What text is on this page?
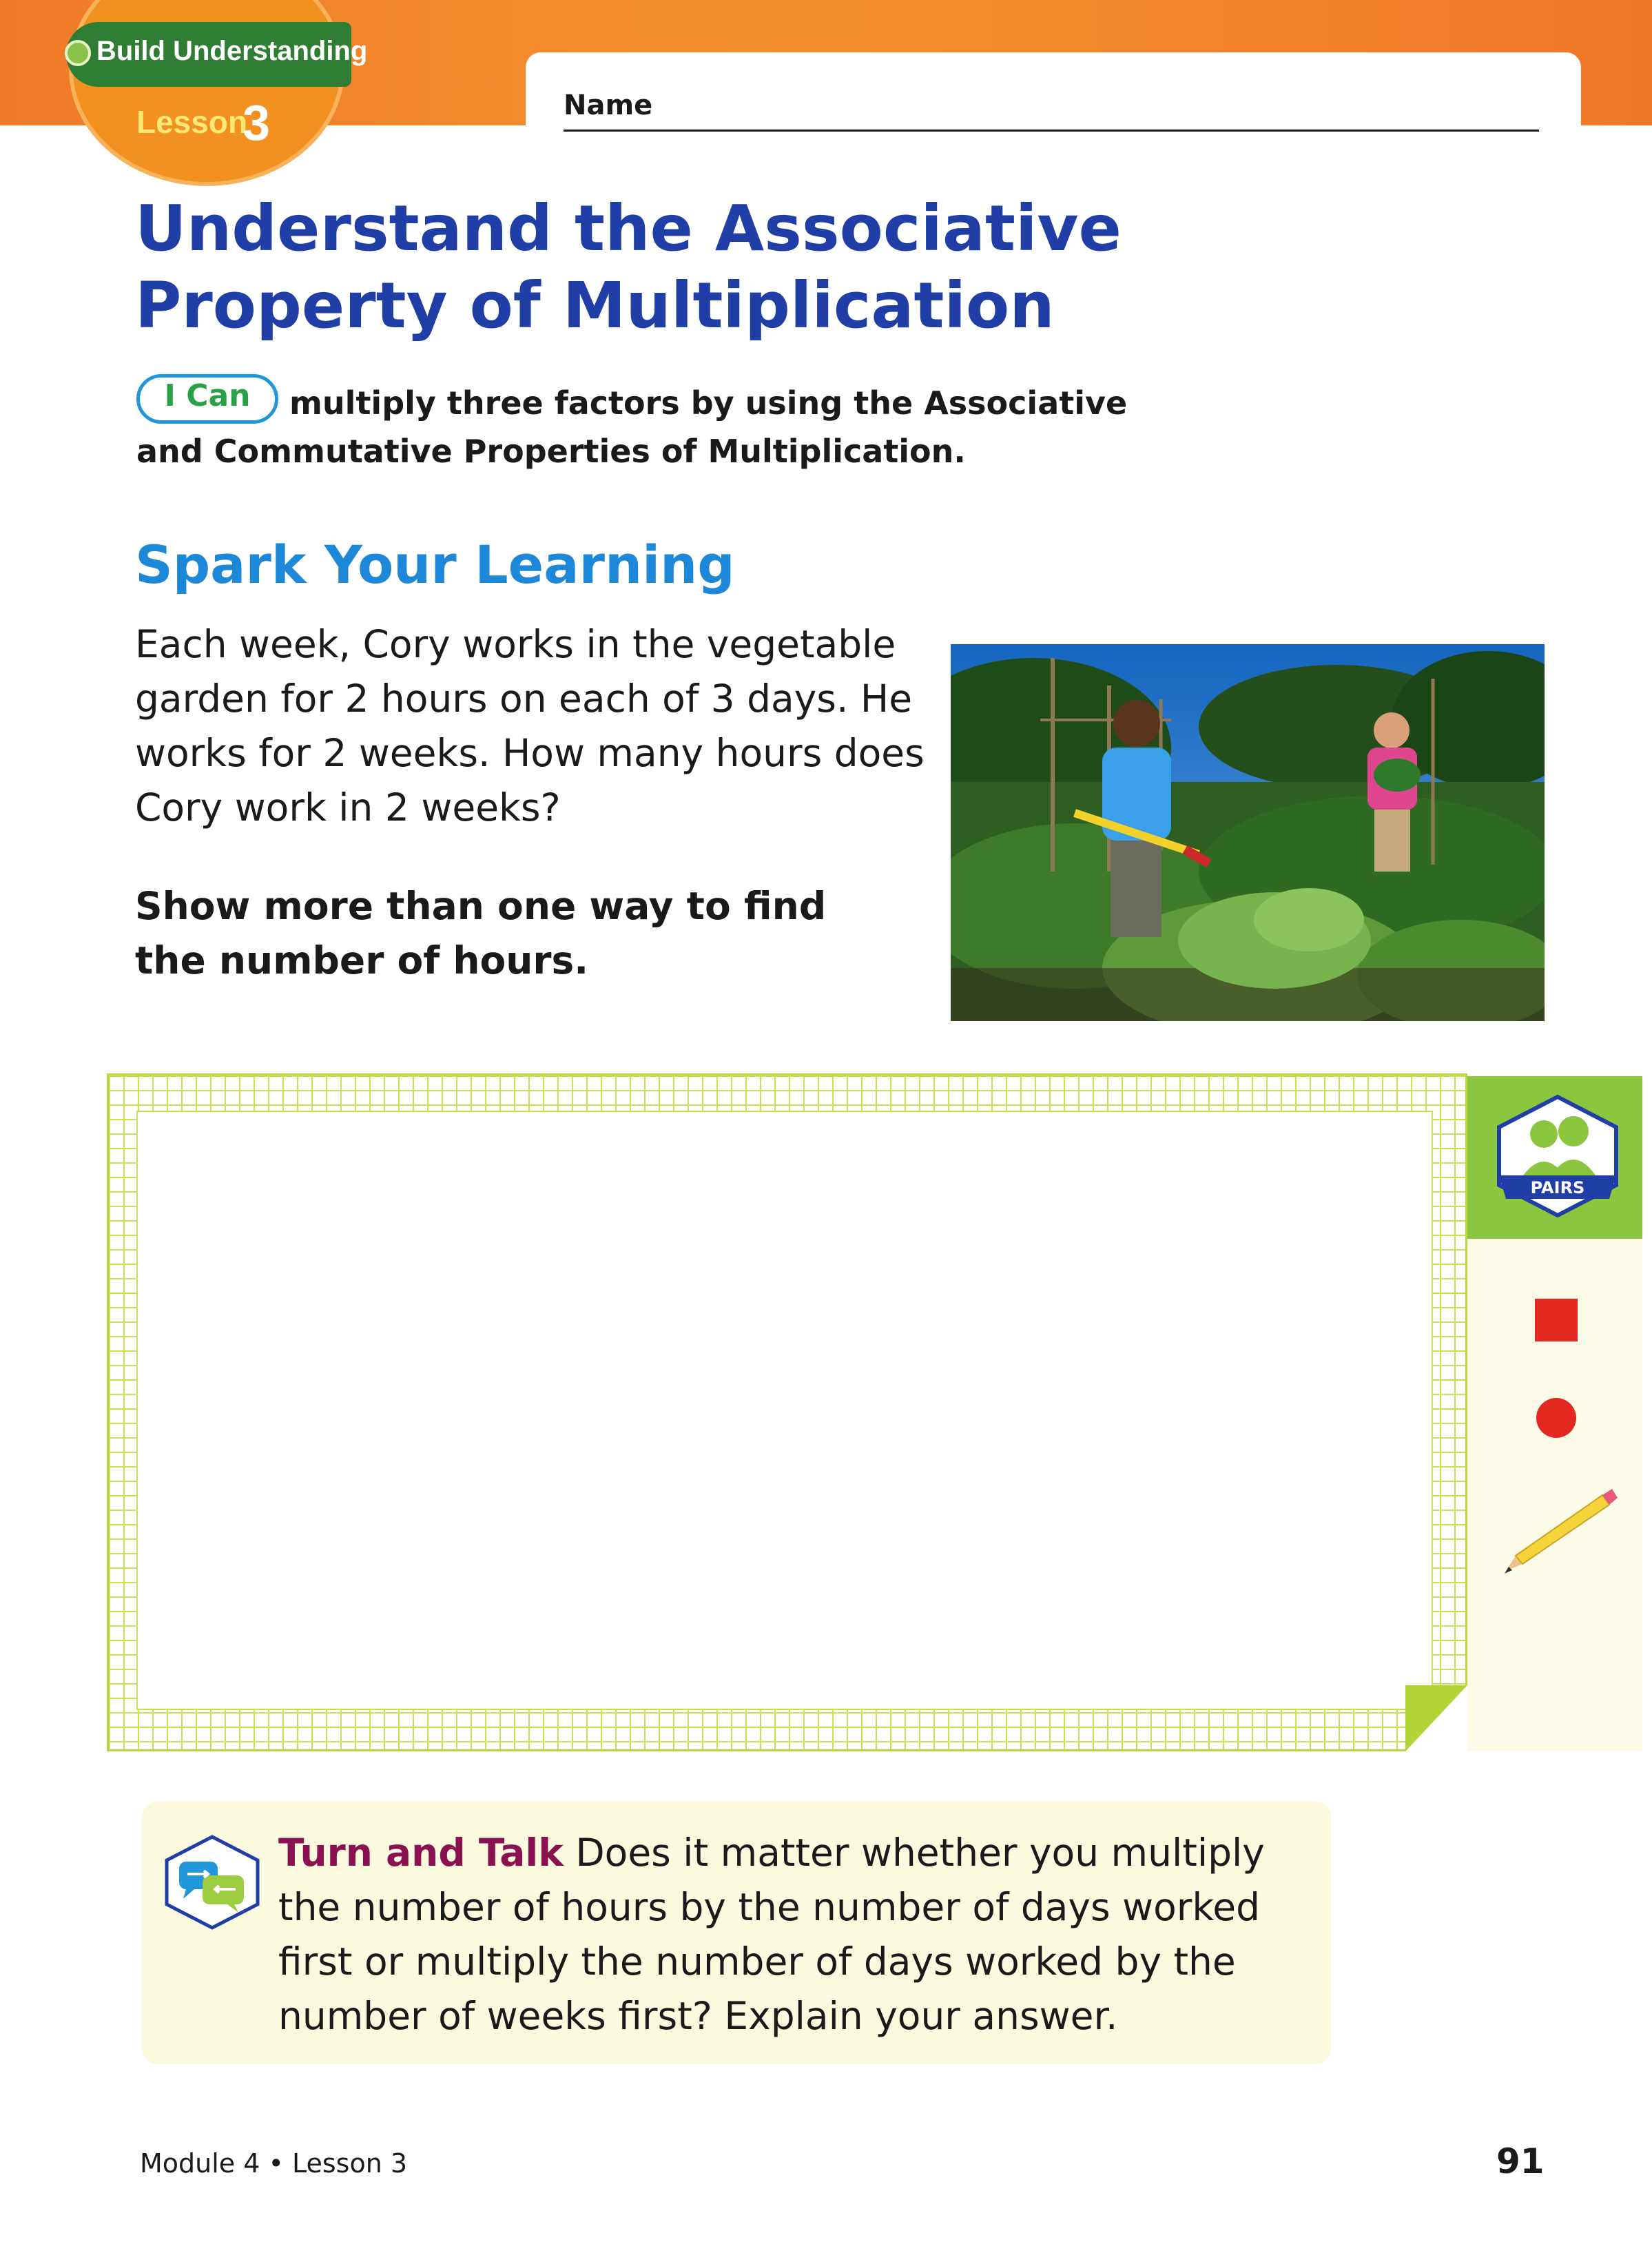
Name
Build Understanding
Lesson
3
Understand the Associative Property of Multiplication
multiply three factors by using the Associative and Commutative Properties of Multiplication.
I Can
Spark Your Learning
Each week, Cory works in the vegetable garden for 2 hours on each of 3 days. He works for 2 weeks. How many hours does Cory work in 2 weeks?
Show more than one way to find the number of hours.
PAIRS
Turn and Talk Does it matter whether you multiply the number of hours by the number of days worked first or multiply the number of days worked by the number of weeks first? Explain your answer.
Module 4 • Lesson 3	91
